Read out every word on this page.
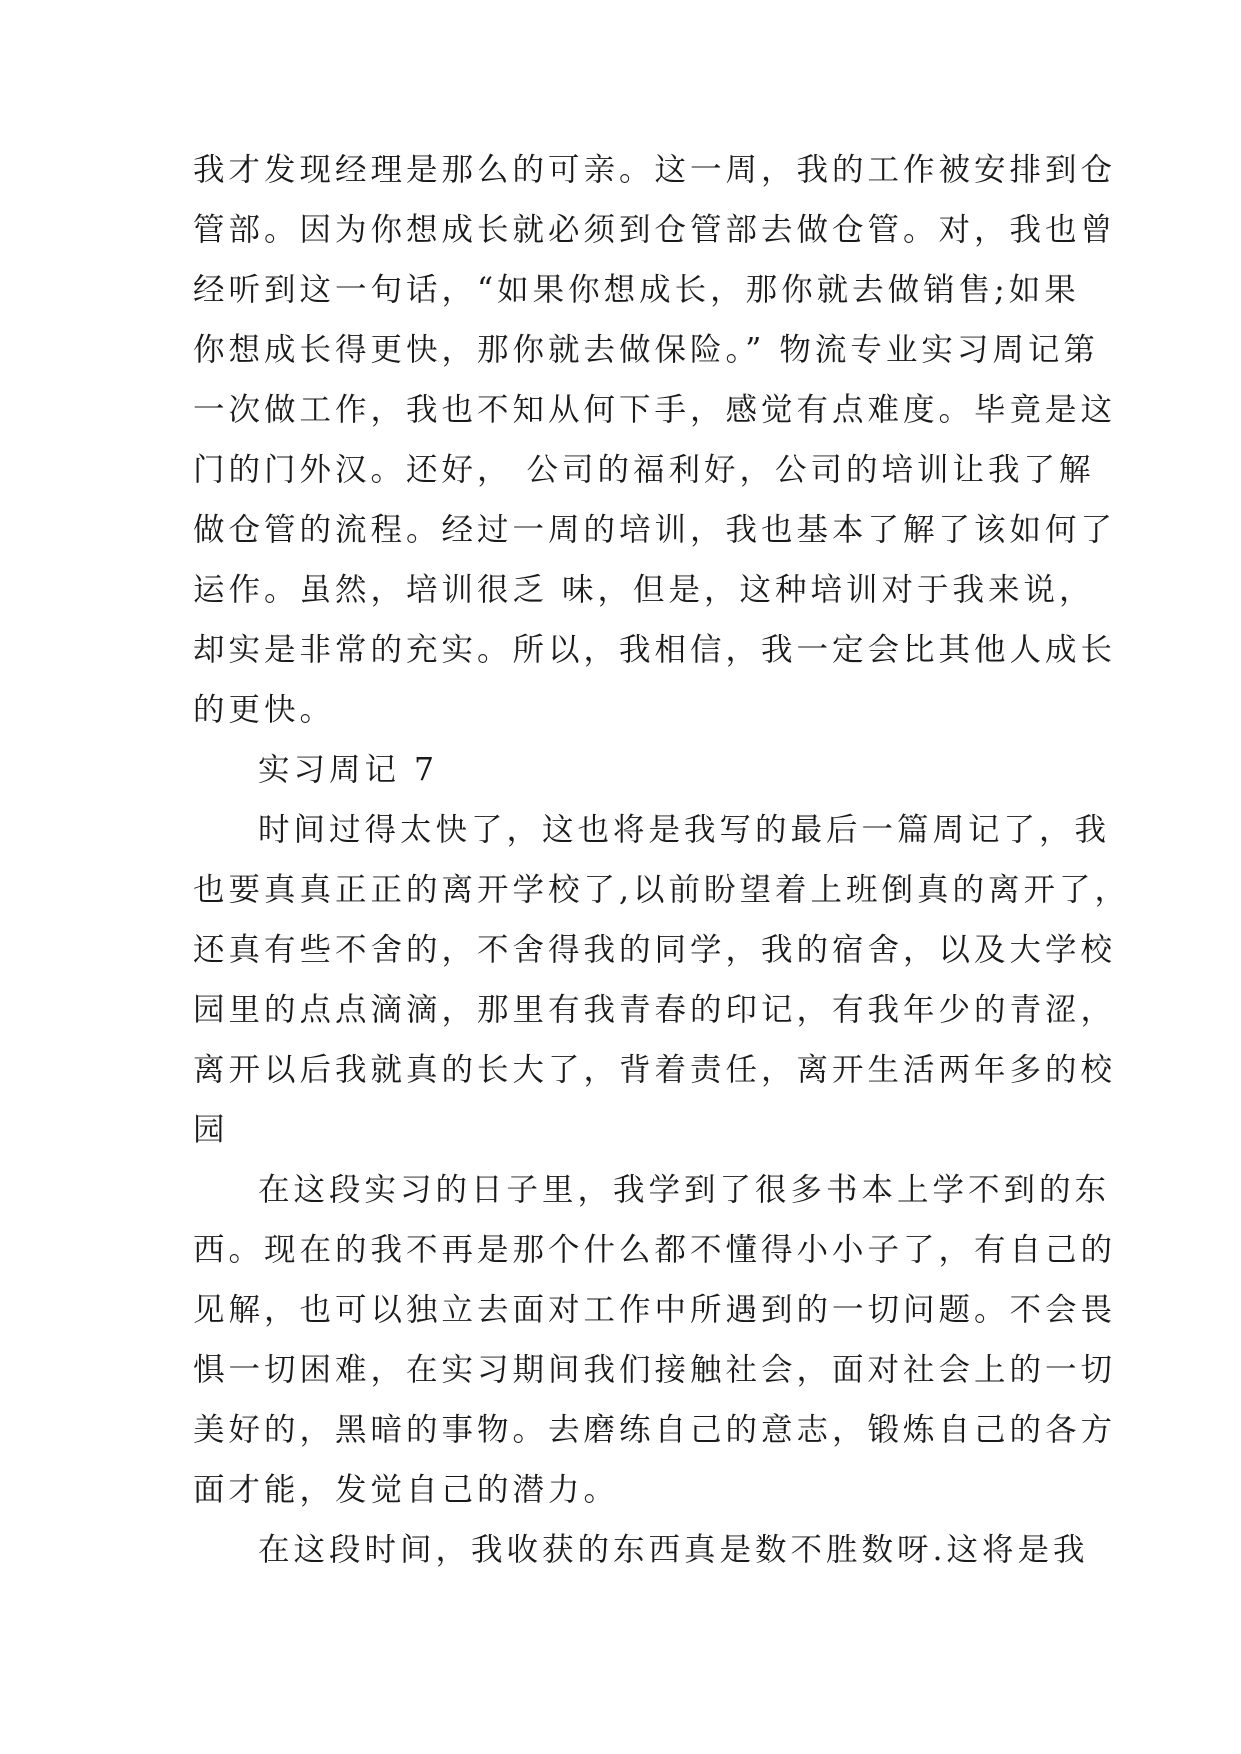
我才发现经理是那么的可亲。这一周，我的工作被安排到仓

管部。因为你想成长就必须到仓管部去做仓管。对，我也曾

经听到这一句话，“如果你想成长，那你就去做销售;如果

你想成长得更快，那你就去做保险。” 物流专业实习周记第

一次做工作，我也不知从何下手，感觉有点难度。毕竟是这

门的门外汉。还好， 公司的福利好，公司的培训让我了解

做仓管的流程。经过一周的培训，我也基本了解了该如何了

运作。虽然，培训很乏 味，但是，这种培训对于我来说，

却实是非常的充实。所以，我相信，我一定会比其他人成长

的更快。

实习周记 7

时间过得太快了，这也将是我写的最后一篇周记了，我

也要真真正正的离开学校了,以前盼望着上班倒真的离开了，

还真有些不舍的，不舍得我的同学，我的宿舍，以及大学校

园里的点点滴滴，那里有我青春的印记，有我年少的青涩，

离开以后我就真的长大了，背着责任，离开生活两年多的校

园

在这段实习的日子里，我学到了很多书本上学不到的东

西。现在的我不再是那个什么都不懂得小小子了，有自己的

见解，也可以独立去面对工作中所遇到的一切问题。不会畏

惧一切困难，在实习期间我们接触社会，面对社会上的一切

美好的，黑暗的事物。去磨练自己的意志，锻炼自己的各方

面才能，发觉自己的潜力。

在这段时间，我收获的东西真是数不胜数呀.这将是我
